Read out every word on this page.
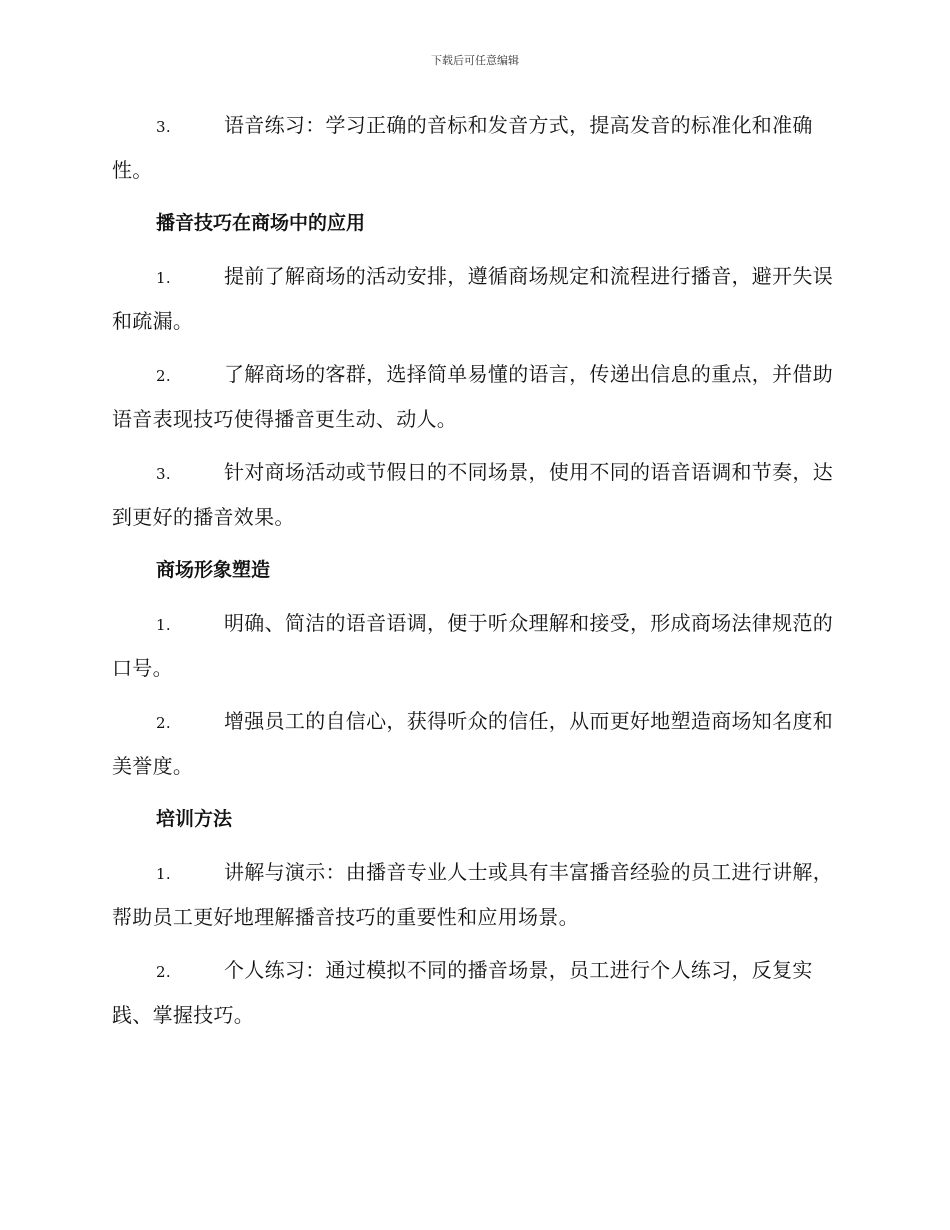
下载后可任意编辑

3.	语音练习：学习正确的音标和发音方式，提高发音的标准化和准确性。

播音技巧在商场中的应用

1.	提前了解商场的活动安排，遵循商场规定和流程进行播音，避开失误和疏漏。

2.	了解商场的客群，选择简单易懂的语言，传递出信息的重点，并借助语音表现技巧使得播音更生动、动人。

3.	针对商场活动或节假日的不同场景，使用不同的语音语调和节奏，达到更好的播音效果。

商场形象塑造

1.	明确、简洁的语音语调，便于听众理解和接受，形成商场法律规范的口号。

2.	增强员工的自信心，获得听众的信任，从而更好地塑造商场知名度和美誉度。

培训方法

1.	讲解与演示：由播音专业人士或具有丰富播音经验的员工进行讲解，帮助员工更好地理解播音技巧的重要性和应用场景。

2.	个人练习：通过模拟不同的播音场景，员工进行个人练习，反复实践、掌握技巧。
